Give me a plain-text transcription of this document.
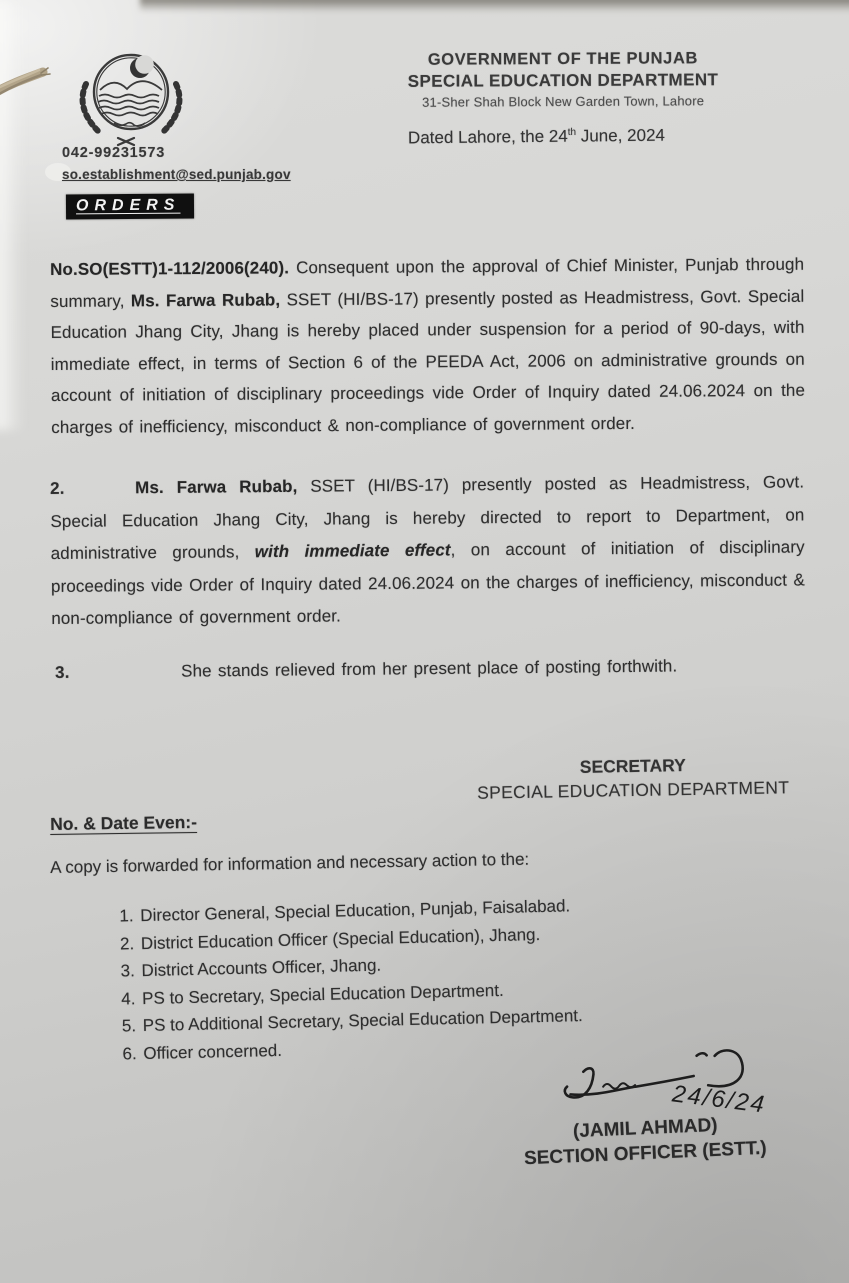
GOVERNMENT OF THE PUNJAB
SPECIAL EDUCATION DEPARTMENT
31-Sher Shah Block New Garden Town, Lahore
Dated Lahore, the 24th June, 2024
042-99231573
so.establishment@sed.punjab.gov
ORDERS

No.SO(ESTT)1-112/2006(240). Consequent upon the approval of Chief Minister, Punjab through summary, Ms. Farwa Rubab, SSET (HI/BS-17) presently posted as Headmistress, Govt. Special Education Jhang City, Jhang is hereby placed under suspension for a period of 90-days, with immediate effect, in terms of Section 6 of the PEEDA Act, 2006 on administrative grounds on account of initiation of disciplinary proceedings vide Order of Inquiry dated 24.06.2024 on the charges of inefficiency, misconduct & non-compliance of government order.

2.	Ms. Farwa Rubab, SSET (HI/BS-17) presently posted as Headmistress, Govt. Special Education Jhang City, Jhang is hereby directed to report to Department, on administrative grounds, with immediate effect, on account of initiation of disciplinary proceedings vide Order of Inquiry dated 24.06.2024 on the charges of inefficiency, misconduct & non-compliance of government order.

3.	She stands relieved from her present place of posting forthwith.

SECRETARY
SPECIAL EDUCATION DEPARTMENT
No. & Date Even:-
A copy is forwarded for information and necessary action to the:
1. Director General, Special Education, Punjab, Faisalabad.
2. District Education Officer (Special Education), Jhang.
3. District Accounts Officer, Jhang.
4. PS to Secretary, Special Education Department.
5. PS to Additional Secretary, Special Education Department.
6. Officer concerned.
24/6/24
(JAMIL AHMAD)
SECTION OFFICER (ESTT.)
